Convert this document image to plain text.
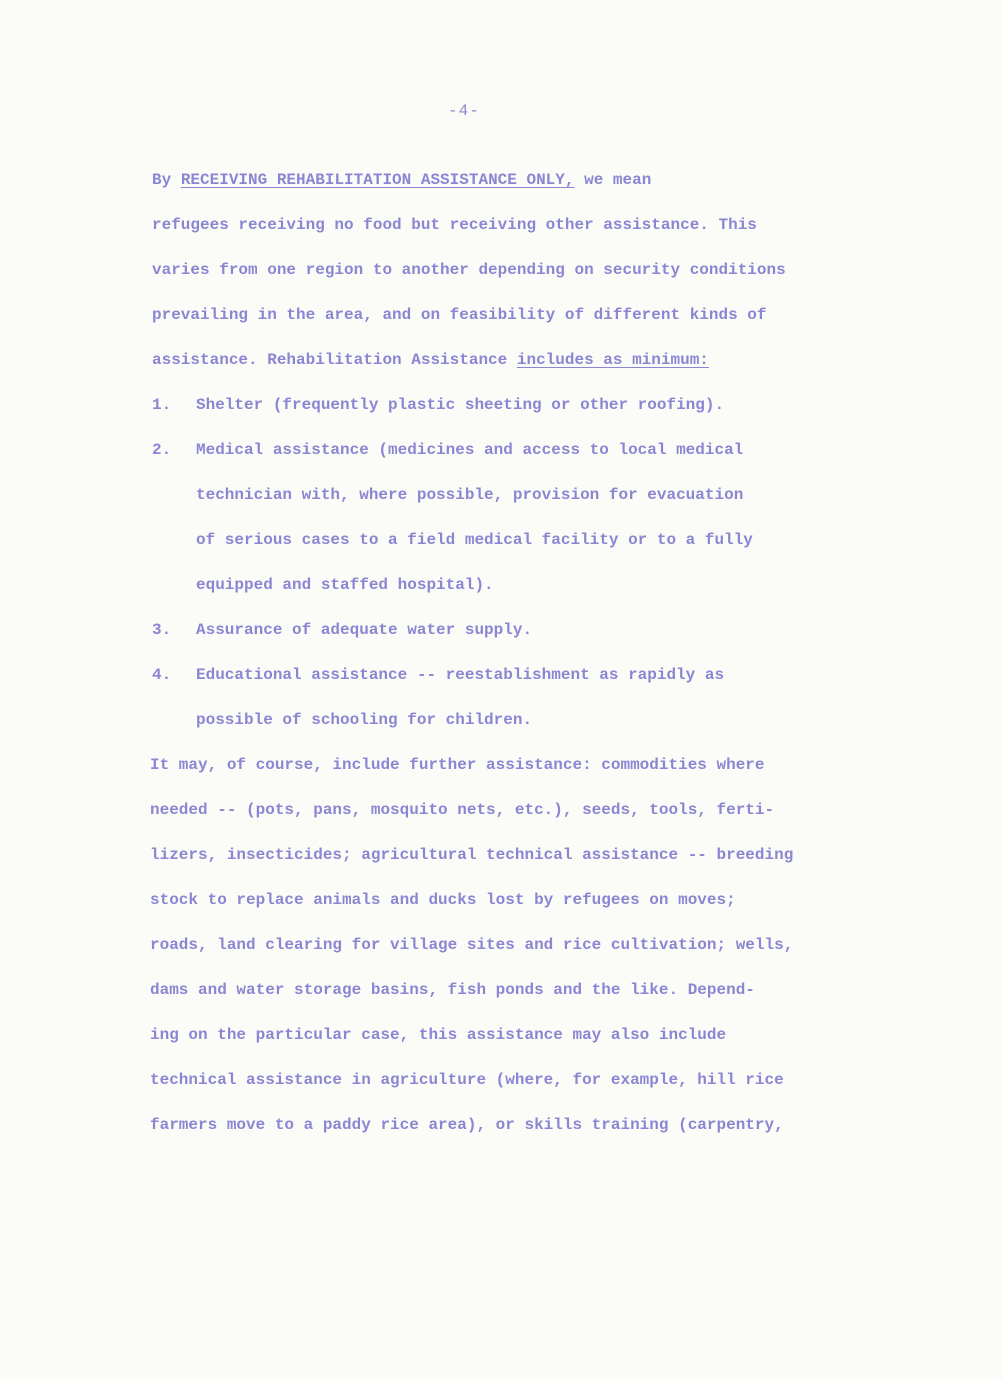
-4-
By RECEIVING REHABILITATION ASSISTANCE ONLY, we mean
refugees receiving no food but receiving other assistance. This
varies from one region to another depending on security conditions
prevailing in the area, and on feasibility of different kinds of
assistance. Rehabilitation Assistance includes as minimum:
1. Shelter (frequently plastic sheeting or other roofing).
2. Medical assistance (medicines and access to local medical
technician with, where possible, provision for evacuation
of serious cases to a field medical facility or to a fully
equipped and staffed hospital).
3. Assurance of adequate water supply.
4. Educational assistance -- reestablishment as rapidly as
possible of schooling for children.
It may, of course, include further assistance: commodities where
needed -- (pots, pans, mosquito nets, etc.), seeds, tools, ferti-
lizers, insecticides; agricultural technical assistance -- breeding
stock to replace animals and ducks lost by refugees on moves;
roads, land clearing for village sites and rice cultivation; wells,
dams and water storage basins, fish ponds and the like. Depend-
ing on the particular case, this assistance may also include
technical assistance in agriculture (where, for example, hill rice
farmers move to a paddy rice area), or skills training (carpentry,
